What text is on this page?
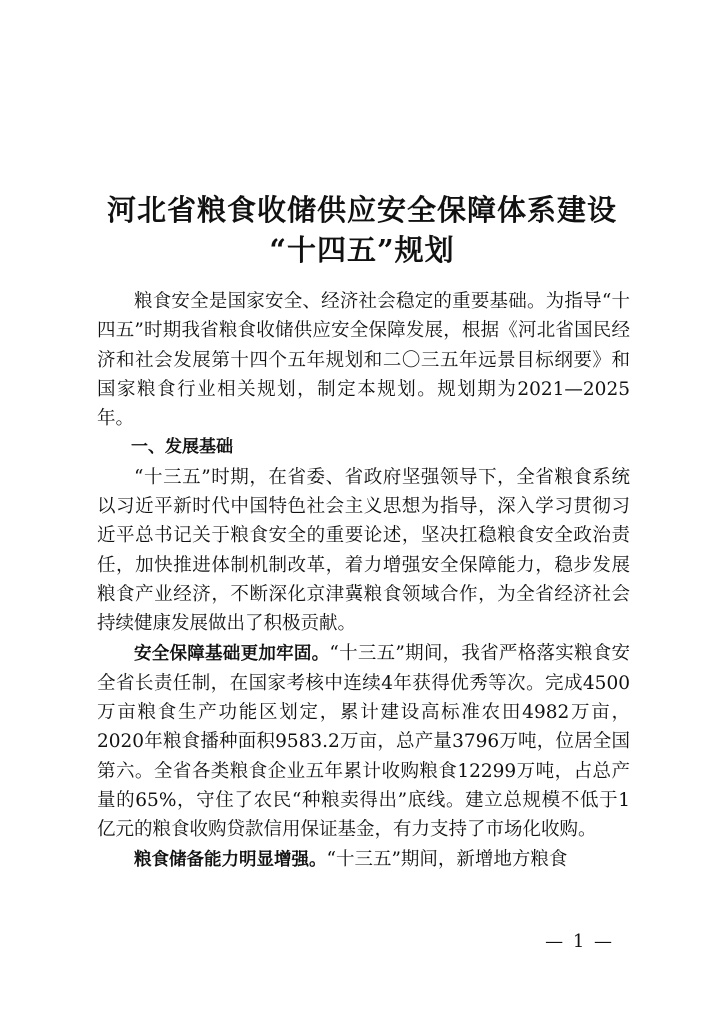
河北省粮食收储供应安全保障体系建设
“十四五”规划

粮食安全是国家安全、经济社会稳定的重要基础。为指导“十四五”时期我省粮食收储供应安全保障发展，根据《河北省国民经济和社会发展第十四个五年规划和二〇三五年远景目标纲要》和国家粮食行业相关规划，制定本规划。规划期为2021—2025年。

一、发展基础

“十三五”时期，在省委、省政府坚强领导下，全省粮食系统以习近平新时代中国特色社会主义思想为指导，深入学习贯彻习近平总书记关于粮食安全的重要论述，坚决扛稳粮食安全政治责任，加快推进体制机制改革，着力增强安全保障能力，稳步发展粮食产业经济，不断深化京津冀粮食领域合作，为全省经济社会持续健康发展做出了积极贡献。

安全保障基础更加牢固。“十三五”期间，我省严格落实粮食安全省长责任制，在国家考核中连续4年获得优秀等次。完成4500万亩粮食生产功能区划定，累计建设高标准农田4982万亩，2020年粮食播种面积9583.2万亩，总产量3796万吨，位居全国第六。全省各类粮食企业五年累计收购粮食12299万吨，占总产量的65%，守住了农民“种粮卖得出”底线。建立总规模不低于1亿元的粮食收购贷款信用保证基金，有力支持了市场化收购。

粮食储备能力明显增强。“十三五”期间，新增地方粮食

— 1 —
